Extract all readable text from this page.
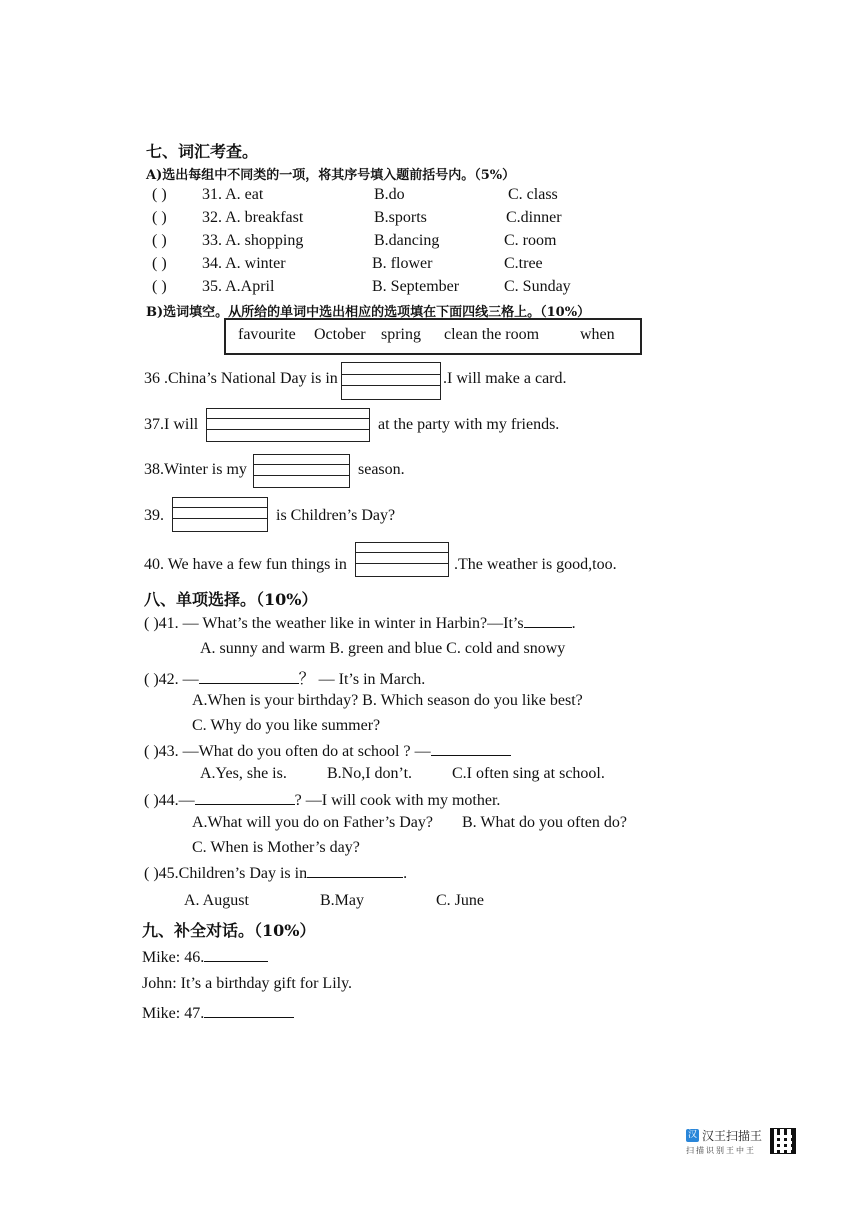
七、词汇考查。
A)选出每组中不同类的一项，将其序号填入题前括号内。（5%）
( ) 31. A. eat	B.do	C. class
( ) 32. A. breakfast	B.sports	C.dinner
( ) 33. A. shopping	B.dancing	C. room
( ) 34. A. winter	B. flower	C.tree
( ) 35. A.April	B. September	C. Sunday
B)选词填空。从所给的单词中选出相应的选项填在下面四线三格上。（10%）
favourite October spring clean the room	when
36 .China’s National Day is in	.I will make a card.
37.I will	at the party with my friends.
38.Winter is my	season.
39.	is Children’s Day?
40. We have a few fun things in	.The weather is good,too.
八、单项选择。（10%）
( )41. — What’s the weather like in winter in Harbin?—It’s	.
A. sunny and warm B. green and blue C. cold and snowy
( )42. —	？ — It’s in March.
A.When is your birthday? B. Which season do you like best?
C. Why do you like summer?
( )43. —What do you often do at school ? —
A.Yes, she is.	B.No,I don’t. C.I often sing at school.
( )44.—	? —I will cook with my mother.
A.What will you do on Father’s Day? B. What do you often do?
C. When is Mother’s day?
( )45.Children’s Day is in	.
A. August	B.May	C. June
九、补全对话。（10%）
Mike: 46.
John: It’s a birthday gift for Lily.
Mike: 47.
汉 汉王扫描王
扫描识别王中王
